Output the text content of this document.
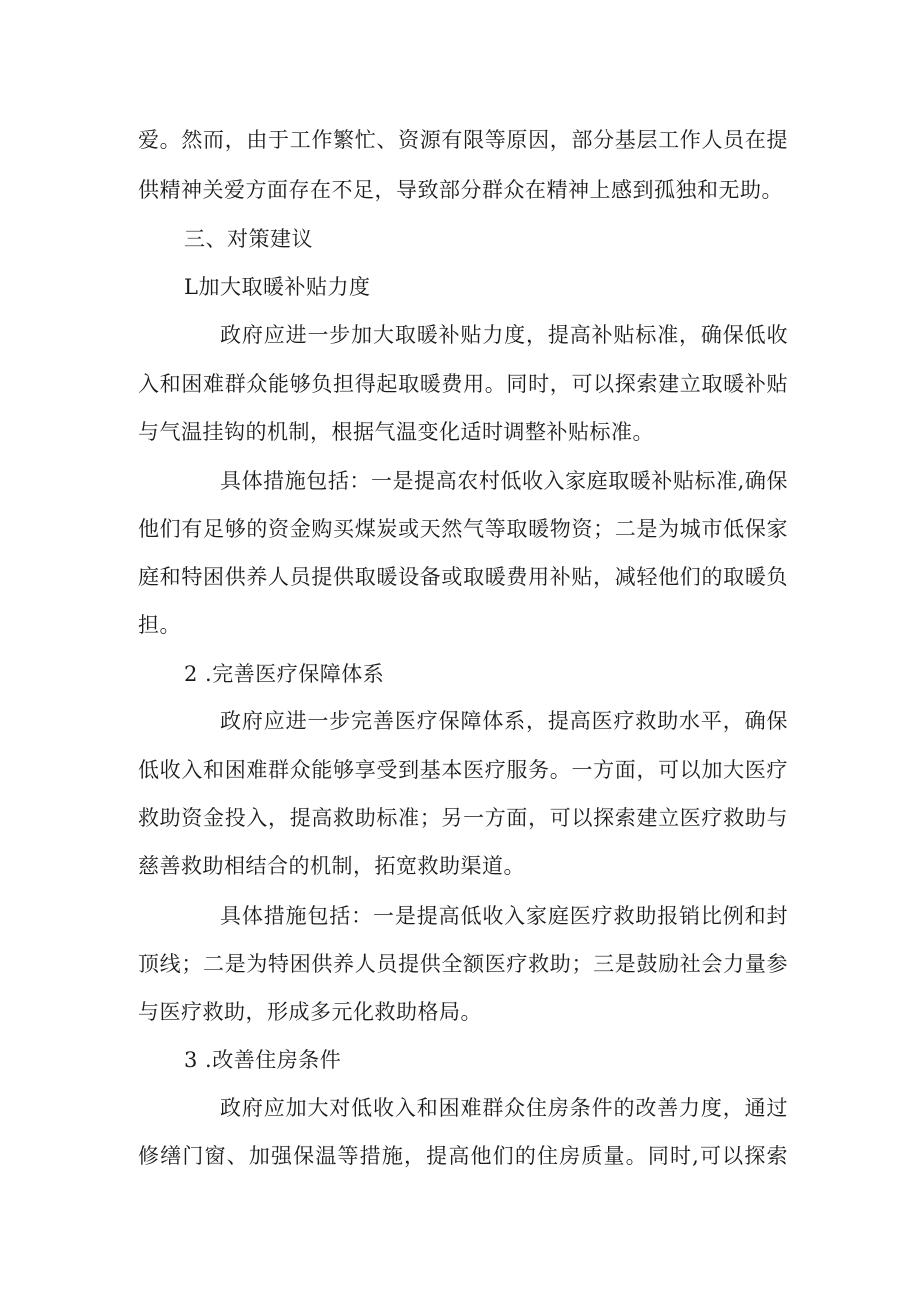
爱。然而，由于工作繁忙、资源有限等原因，部分基层工作人员在提
供精神关爱方面存在不足，导致部分群众在精神上感到孤独和无助。
三、对策建议
L加大取暖补贴力度
政府应进一步加大取暖补贴力度，提高补贴标准，确保低收
入和困难群众能够负担得起取暖费用。同时，可以探索建立取暖补贴
与气温挂钩的机制，根据气温变化适时调整补贴标准。
具体措施包括：一是提高农村低收入家庭取暖补贴标准,确保
他们有足够的资金购买煤炭或天然气等取暖物资；二是为城市低保家
庭和特困供养人员提供取暖设备或取暖费用补贴，减轻他们的取暖负
担。
2 .完善医疗保障体系
政府应进一步完善医疗保障体系，提高医疗救助水平，确保
低收入和困难群众能够享受到基本医疗服务。一方面，可以加大医疗
救助资金投入，提高救助标准；另一方面，可以探索建立医疗救助与
慈善救助相结合的机制，拓宽救助渠道。
具体措施包括：一是提高低收入家庭医疗救助报销比例和封
顶线；二是为特困供养人员提供全额医疗救助；三是鼓励社会力量参
与医疗救助，形成多元化救助格局。
3 .改善住房条件
政府应加大对低收入和困难群众住房条件的改善力度，通过
修缮门窗、加强保温等措施，提高他们的住房质量。同时,可以探索
